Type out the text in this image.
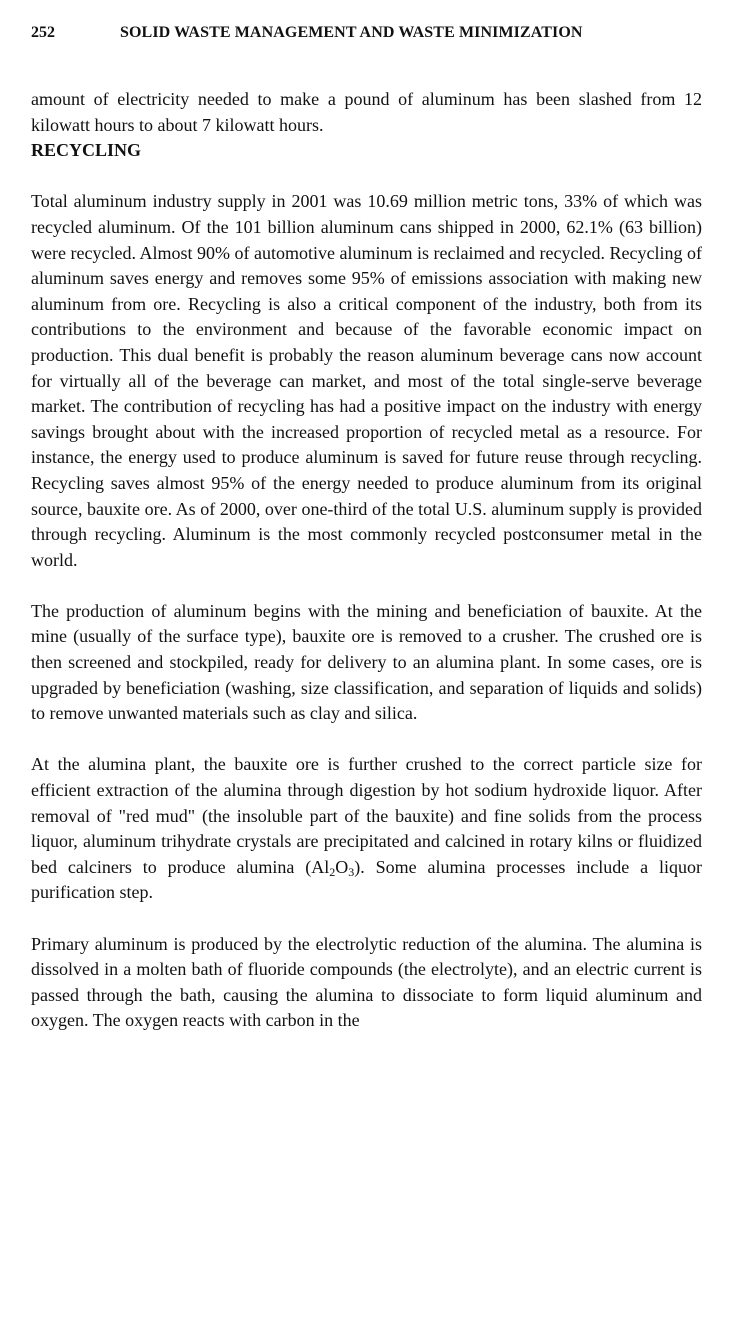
252	SOLID WASTE MANAGEMENT AND WASTE MINIMIZATION

amount of electricity needed to make a pound of aluminum has been slashed from 12 kilowatt hours to about 7 kilowatt hours.

RECYCLING

Total aluminum industry supply in 2001 was 10.69 million metric tons, 33% of which was recycled aluminum. Of the 101 billion aluminum cans shipped in 2000, 62.1% (63 billion) were recycled. Almost 90% of automotive aluminum is reclaimed and recycled. Recycling of aluminum saves energy and removes some 95% of emissions association with making new aluminum from ore. Recycling is also a critical component of the industry, both from its contributions to the environment and because of the favorable economic impact on production. This dual benefit is probably the reason aluminum beverage cans now account for virtually all of the beverage can market, and most of the total single-serve beverage market. The contribution of recycling has had a positive impact on the industry with energy savings brought about with the increased proportion of recycled metal as a resource. For instance, the energy used to produce aluminum is saved for future reuse through recycling. Recycling saves almost 95% of the energy needed to produce aluminum from its original source, bauxite ore. As of 2000, over one-third of the total U.S. aluminum supply is provided through recycling. Aluminum is the most commonly recycled postconsumer metal in the world.

The production of aluminum begins with the mining and beneficiation of bauxite. At the mine (usually of the surface type), bauxite ore is removed to a crusher. The crushed ore is then screened and stockpiled, ready for delivery to an alumina plant. In some cases, ore is upgraded by beneficiation (washing, size classification, and separation of liquids and solids) to remove unwanted materials such as clay and silica.

At the alumina plant, the bauxite ore is further crushed to the correct particle size for efficient extraction of the alumina through digestion by hot sodium hydroxide liquor. After removal of "red mud" (the insoluble part of the bauxite) and fine solids from the process liquor, aluminum trihydrate crystals are precipitated and calcined in rotary kilns or fluidized bed calciners to produce alumina $(Al_2O_3)$. Some alumina processes include a liquor purification step.

Primary aluminum is produced by the electrolytic reduction of the alumina. The alumina is dissolved in a molten bath of fluoride compounds (the electrolyte), and an electric current is passed through the bath, causing the alumina to dissociate to form liquid aluminum and oxygen. The oxygen reacts with carbon in the
